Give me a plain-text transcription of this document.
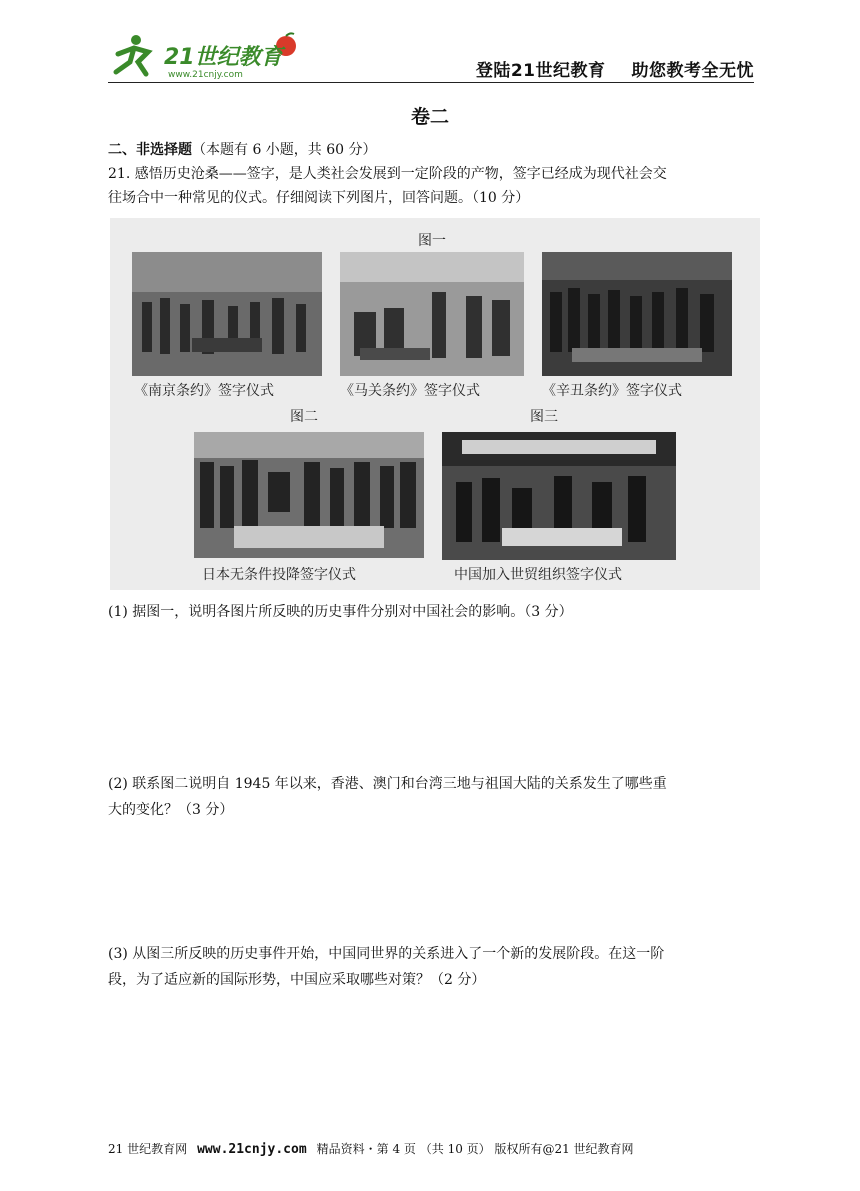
21世纪教育
www.21cnjy.com	登陆21世纪教育 助您教考全无忧
卷二
二、非选择题（本题有 6 小题，共 60 分）
21. 感悟历史沧桑——签字，是人类社会发展到一定阶段的产物，签字已经成为现代社会交
往场合中一种常见的仪式。仔细阅读下列图片，回答问题。（10 分）
图一
《南京条约》签字仪式	《马关条约》签字仪式	《辛丑条约》签字仪式
图二	图三
日本无条件投降签字仪式	中国加入世贸组织签字仪式
(1) 据图一，说明各图片所反映的历史事件分别对中国社会的影响。（3 分）
(2) 联系图二说明自 1945 年以来，香港、澳门和台湾三地与祖国大陆的关系发生了哪些重
大的变化？（3 分）
(3) 从图三所反映的历史事件开始，中国同世界的关系进入了一个新的发展阶段。在这一阶
段，为了适应新的国际形势，中国应采取哪些对策？（2 分）
21 世纪教育网 www.21cnjy.com 精品资料・第 4 页 （共 10 页） 版权所有@21 世纪教育网
